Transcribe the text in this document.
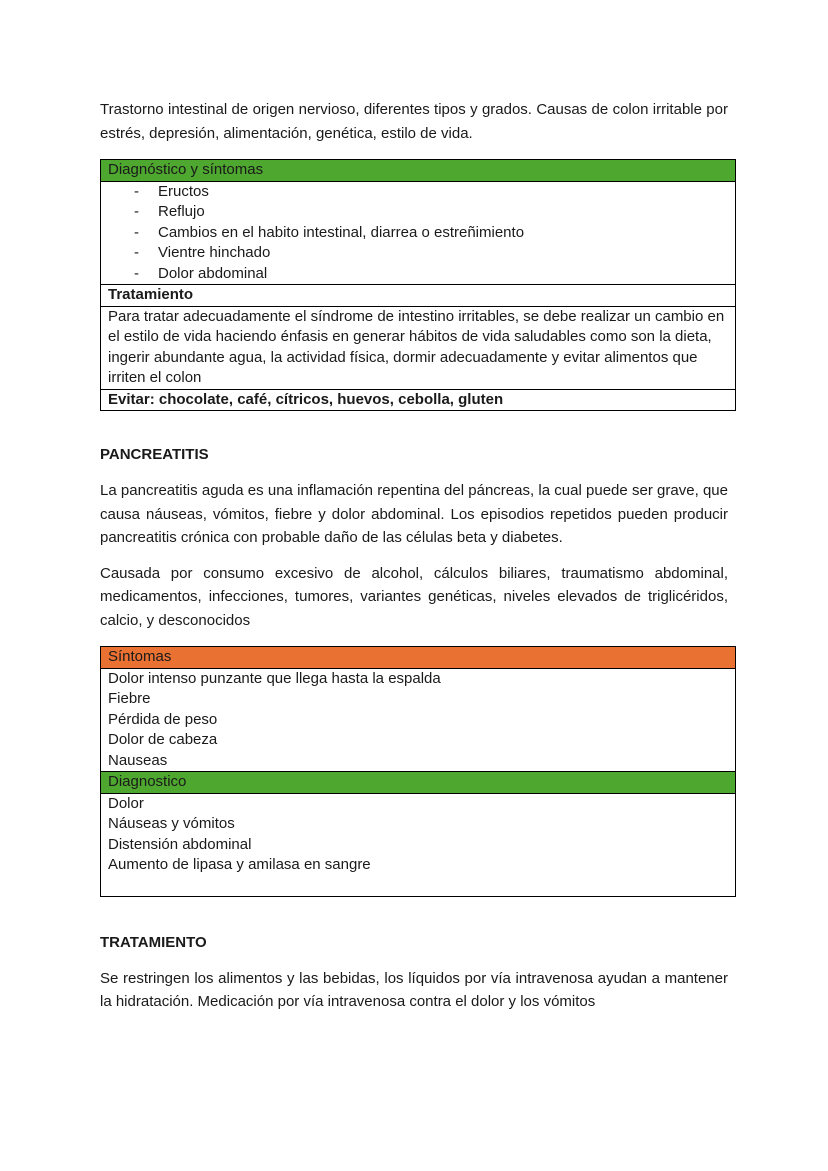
Trastorno intestinal de origen nervioso, diferentes tipos y grados. Causas de colon irritable por estrés, depresión, alimentación, genética, estilo de vida.

Diagnóstico y síntomas

- Eructos
- Reflujo
- Cambios en el habito intestinal, diarrea o estreñimiento
- Vientre hinchado
- Dolor abdominal

Tratamiento
Para tratar adecuadamente el síndrome de intestino irritables, se debe realizar un cambio en el estilo de vida haciendo énfasis en generar hábitos de vida saludables como son la dieta, ingerir abundante agua, la actividad física, dormir adecuadamente y evitar alimentos que irriten el colon
Evitar: chocolate, café, cítricos, huevos, cebolla, gluten

PANCREATITIS

La pancreatitis aguda es una inflamación repentina del páncreas, la cual puede ser grave, que causa náuseas, vómitos, fiebre y dolor abdominal. Los episodios repetidos pueden producir pancreatitis crónica con probable daño de las células beta y diabetes.

Causada por consumo excesivo de alcohol, cálculos biliares, traumatismo abdominal, medicamentos, infecciones, tumores, variantes genéticas, niveles elevados de triglicéridos, calcio, y desconocidos

Síntomas

Dolor intenso punzante que llega hasta la espalda
Fiebre
Pérdida de peso
Dolor de cabeza
Nauseas

Diagnostico

Dolor
Náuseas y vómitos
Distensión abdominal
Aumento de lipasa y amilasa en sangre

TRATAMIENTO

Se restringen los alimentos y las bebidas, los líquidos por vía intravenosa ayudan a mantener la hidratación. Medicación por vía intravenosa contra el dolor y los vómitos
